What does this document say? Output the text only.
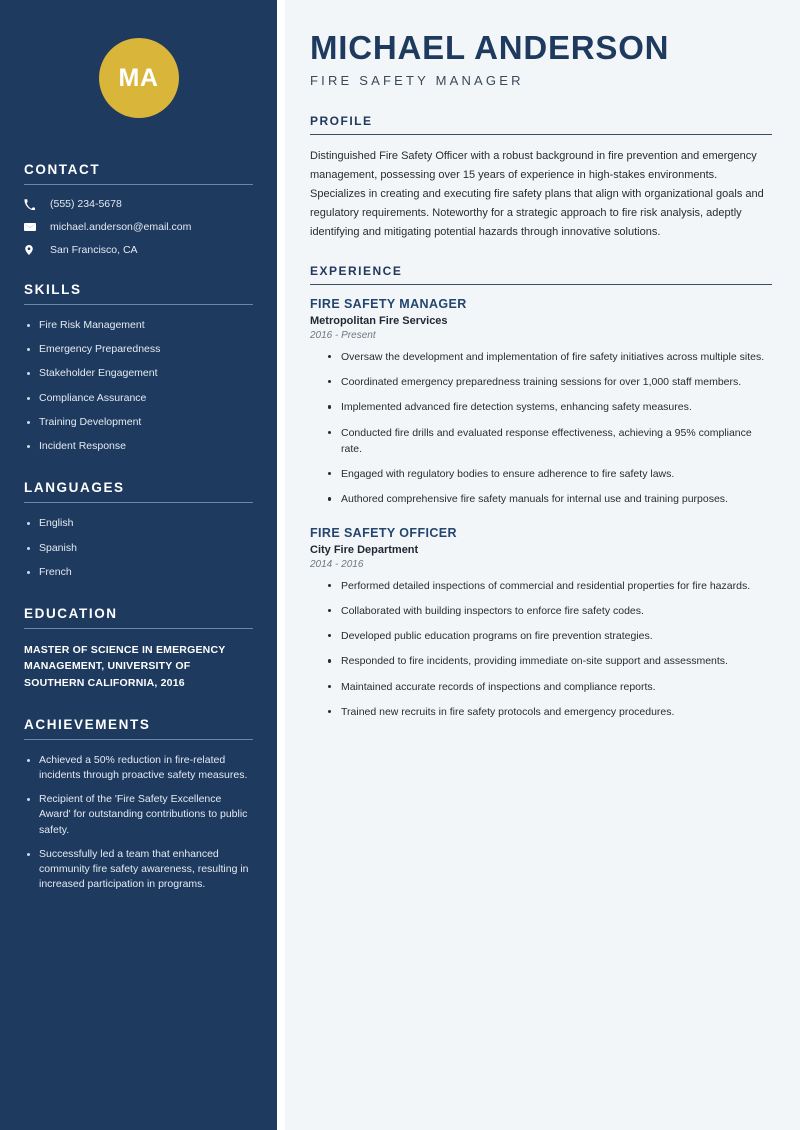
MA
CONTACT
(555) 234-5678
michael.anderson@email.com
San Francisco, CA
SKILLS
Fire Risk Management
Emergency Preparedness
Stakeholder Engagement
Compliance Assurance
Training Development
Incident Response
LANGUAGES
English
Spanish
French
EDUCATION
MASTER OF SCIENCE IN EMERGENCY MANAGEMENT, UNIVERSITY OF SOUTHERN CALIFORNIA, 2016
ACHIEVEMENTS
Achieved a 50% reduction in fire-related incidents through proactive safety measures.
Recipient of the 'Fire Safety Excellence Award' for outstanding contributions to public safety.
Successfully led a team that enhanced community fire safety awareness, resulting in increased participation in programs.
MICHAEL ANDERSON
FIRE SAFETY MANAGER
PROFILE

Distinguished Fire Safety Officer with a robust background in fire prevention and emergency management, possessing over 15 years of experience in high-stakes environments. Specializes in creating and executing fire safety plans that align with organizational goals and regulatory requirements. Noteworthy for a strategic approach to fire risk analysis, adeptly identifying and mitigating potential hazards through innovative solutions.

EXPERIENCE
FIRE SAFETY MANAGER
Metropolitan Fire Services
2016 - Present
Oversaw the development and implementation of fire safety initiatives across multiple sites.
Coordinated emergency preparedness training sessions for over 1,000 staff members.
Implemented advanced fire detection systems, enhancing safety measures.
Conducted fire drills and evaluated response effectiveness, achieving a 95% compliance rate.
Engaged with regulatory bodies to ensure adherence to fire safety laws.
Authored comprehensive fire safety manuals for internal use and training purposes.
FIRE SAFETY OFFICER
City Fire Department
2014 - 2016
Performed detailed inspections of commercial and residential properties for fire hazards.
Collaborated with building inspectors to enforce fire safety codes.
Developed public education programs on fire prevention strategies.
Responded to fire incidents, providing immediate on-site support and assessments.
Maintained accurate records of inspections and compliance reports.
Trained new recruits in fire safety protocols and emergency procedures.
